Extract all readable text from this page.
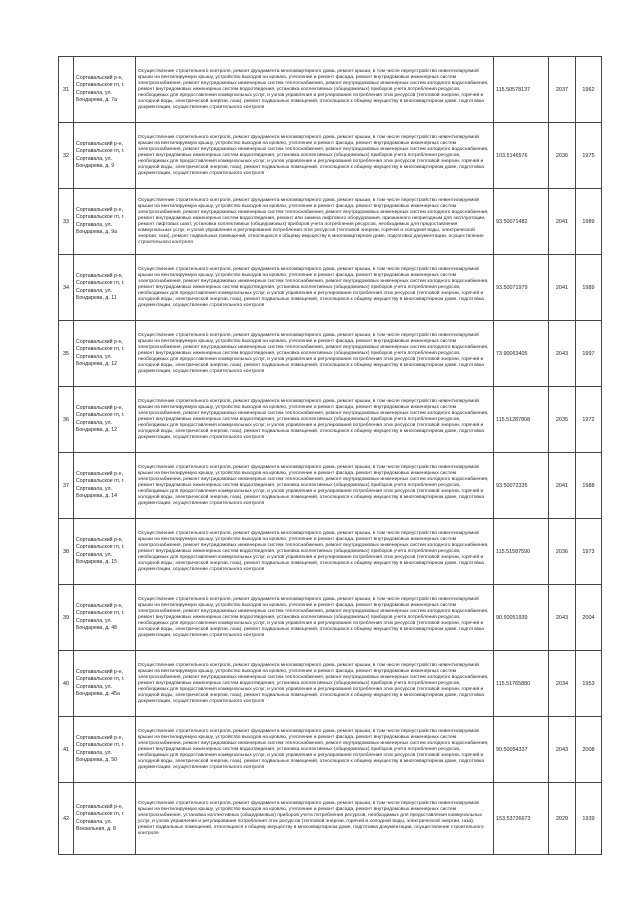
31	Сортавальский р-н, Сортавальское гп, г. Сортавала, ул. Бондарева, д. 7а	Осуществление строительного контроля, ремонт фундамента многоквартирного дома, ремонт крыши, в том числе переустройство невентилируемой крыши на вентилируемую крышу, устройство выходов на кровлю, утепление и ремонт фасада, ремонт внутридомовых инженерных систем электроснабжения, ремонт внутридомовых инженерных систем теплоснабжения, ремонт внутридомовых инженерных систем холодного водоснабжения, ремонт внутридомовых инженерных систем водоотведения, установка коллективных (общедомовых) приборов учета потребления ресурсов, необходимых для предоставления коммунальных услуг, и узлов управления и регулирования потребления этих ресурсов (тепловой энергии, горячей и холодной воды, электрической энергии, газа), ремонт подвальных помещений, относящихся к общему имуществу в многоквартирном доме, подготовка документации, осуществление строительного контроля	115.50578137	2037	1962
32	Сортавальский р-н, Сортавальское гп, г. Сортавала, ул. Бондарева, д. 9	Осуществление строительного контроля, ремонт фундамента многоквартирного дома, ремонт крыши, в том числе переустройство невентилируемой крыши на вентилируемую крышу, устройство выходов на кровлю, утепление и ремонт фасада, ремонт внутридомовых инженерных систем электроснабжения, ремонт внутридомовых инженерных систем теплоснабжения, ремонт внутридомовых инженерных систем холодного водоснабжения, ремонт внутридомовых инженерных систем водоотведения, установка коллективных (общедомовых) приборов учета потребления ресурсов, необходимых для предоставления коммунальных услуг, и узлов управления и регулирования потребления этих ресурсов (тепловой энергии, горячей и холодной воды, электрической энергии, газа), ремонт подвальных помещений, относящихся к общему имуществу в многоквартирном доме, подготовка документации, осуществление строительного контроля	103.5146576	2036	1975
33	Сортавальский р-н, Сортавальское гп, г. Сортавала, ул. Бондарева, д. 9а	Осуществление строительного контроля, ремонт фундамента многоквартирного дома, ремонт крыши, в том числе переустройство невентилируемой крыши на вентилируемую крышу, устройство выходов на кровлю, утепление и ремонт фасада, ремонт внутридомовых инженерных систем электроснабжения, ремонт внутридомовых инженерных систем теплоснабжения, ремонт внутридомовых инженерных систем холодного водоснабжения, ремонт внутридомовых инженерных систем водоотведения, ремонт или замена лифтового оборудования, признанного непригодным для эксплуатации, ремонт лифтовых шахт, установка коллективных (общедомовых) приборов учета потребления ресурсов, необходимых для предоставления коммунальных услуг, и узлов управления и регулирования потребления этих ресурсов (тепловой энергии, горячей и холодной воды, электрической энергии, газа), ремонт подвальных помещений, относящихся к общему имуществу в многоквартирном доме, подготовка документации, осуществление строительного контроля	93.50071482	2041	1989
34	Сортавальский р-н, Сортавальское гп, г. Сортавала, ул. Бондарева, д. 11	Осуществление строительного контроля, ремонт фундамента многоквартирного дома, ремонт крыши, в том числе переустройство невентилируемой крыши на вентилируемую крышу, устройство выходов на кровлю, утепление и ремонт фасада, ремонт внутридомовых инженерных систем электроснабжения, ремонт внутридомовых инженерных систем теплоснабжения, ремонт внутридомовых инженерных систем холодного водоснабжения, ремонт внутридомовых инженерных систем водоотведения, установка коллективных (общедомовых) приборов учета потребления ресурсов, необходимых для предоставления коммунальных услуг, и узлов управления и регулирования потребления этих ресурсов (тепловой энергии, горячей и холодной воды, электрической энергии, газа), ремонт подвальных помещений, относящихся к общему имуществу в многоквартирном доме, подготовка документации, осуществление строительного контроля	93.50071979	2041	1989
35	Сортавальский р-н, Сортавальское гп, г. Сортавала, ул. Бондарева, д. 12	Осуществление строительного контроля, ремонт фундамента многоквартирного дома, ремонт крыши, в том числе переустройство невентилируемой крыши на вентилируемую крышу, устройство выходов на кровлю, утепление и ремонт фасада, ремонт внутридомовых инженерных систем электроснабжения, ремонт внутридомовых инженерных систем теплоснабжения, ремонт внутридомовых инженерных систем холодного водоснабжения, ремонт внутридомовых инженерных систем водоотведения, установка коллективных (общедомовых) приборов учета потребления ресурсов, необходимых для предоставления коммунальных услуг, и узлов управления и регулирования потребления этих ресурсов (тепловой энергии, горячей и холодной воды, электрической энергии, газа), ремонт подвальных помещений, относящихся к общему имуществу в многоквартирном доме, подготовка документации, осуществление строительного контроля	73.90063405	2043	1997
36	Сортавальский р-н, Сортавальское гп, г. Сортавала, ул. Бондарева, д. 12	Осуществление строительного контроля, ремонт фундамента многоквартирного дома, ремонт крыши, в том числе переустройство невентилируемой крыши на вентилируемую крышу, устройство выходов на кровлю, утепление и ремонт фасада, ремонт внутридомовых инженерных систем электроснабжения, ремонт внутридомовых инженерных систем теплоснабжения, ремонт внутридомовых инженерных систем холодного водоснабжения, ремонт внутридомовых инженерных систем водоотведения, установка коллективных (общедомовых) приборов учета потребления ресурсов, необходимых для предоставления коммунальных услуг, и узлов управления и регулирования потребления этих ресурсов (тепловой энергии, горячей и холодной воды, электрической энергии, газа), ремонт подвальных помещений, относящихся к общему имуществу в многоквартирном доме, подготовка документации, осуществление строительного контроля	115.51287808	2035	1972
37	Сортавальский р-н, Сортавальское гп, г. Сортавала, ул. Бондарева, д. 14	Осуществление строительного контроля, ремонт фундамента многоквартирного дома, ремонт крыши, в том числе переустройство невентилируемой крыши на вентилируемую крышу, устройство выходов на кровлю, утепление и ремонт фасада, ремонт внутридомовых инженерных систем электроснабжения, ремонт внутридомовых инженерных систем теплоснабжения, ремонт внутридомовых инженерных систем холодного водоснабжения, ремонт внутридомовых инженерных систем водоотведения, установка коллективных (общедомовых) приборов учета потребления ресурсов, необходимых для предоставления коммунальных услуг, и узлов управления и регулирования потребления этих ресурсов (тепловой энергии, горячей и холодной воды, электрической энергии, газа), ремонт подвальных помещений, относящихся к общему имуществу в многоквартирном доме, подготовка документации, осуществление строительного контроля	93.50072335	2041	1988
38	Сортавальский р-н, Сортавальское гп, г. Сортавала, ул. Бондарева, д. 15	Осуществление строительного контроля, ремонт фундамента многоквартирного дома, ремонт крыши, в том числе переустройство невентилируемой крыши на вентилируемую крышу, устройство выходов на кровлю, утепление и ремонт фасада, ремонт внутридомовых инженерных систем электроснабжения, ремонт внутридомовых инженерных систем теплоснабжения, ремонт внутридомовых инженерных систем холодного водоснабжения, ремонт внутридомовых инженерных систем водоотведения, установка коллективных (общедомовых) приборов учета потребления ресурсов, необходимых для предоставления коммунальных услуг, и узлов управления и регулирования потребления этих ресурсов (тепловой энергии, горячей и холодной воды, электрической энергии, газа), ремонт подвальных помещений, относящихся к общему имуществу в многоквартирном доме, подготовка документации, осуществление строительного контроля	115.51587590	2036	1973
39	Сортавальский р-н, Сортавальское гп, г. Сортавала, ул. Бондарева, д. 48	Осуществление строительного контроля, ремонт фундамента многоквартирного дома, ремонт крыши, в том числе переустройство невентилируемой крыши на вентилируемую крышу, устройство выходов на кровлю, утепление и ремонт фасада, ремонт внутридомовых инженерных систем электроснабжения, ремонт внутридомовых инженерных систем теплоснабжения, ремонт внутридомовых инженерных систем холодного водоснабжения, ремонт внутридомовых инженерных систем водоотведения, установка коллективных (общедомовых) приборов учета потребления ресурсов, необходимых для предоставления коммунальных услуг, и узлов управления и регулирования потребления этих ресурсов (тепловой энергии, горячей и холодной воды, электрической энергии, газа), ремонт подвальных помещений, относящихся к общему имуществу в многоквартирном доме, подготовка документации, осуществление строительного контроля	90.50051939	2043	2004
40	Сортавальский р-н, Сортавальское гп, г. Сортавала, ул. Бондарева, д. 45а	Осуществление строительного контроля, ремонт фундамента многоквартирного дома, ремонт крыши, в том числе переустройство невентилируемой крыши на вентилируемую крышу, устройство выходов на кровлю, утепление и ремонт фасада, ремонт внутридомовых инженерных систем электроснабжения, ремонт внутридомовых инженерных систем теплоснабжения, ремонт внутридомовых инженерных систем холодного водоснабжения, ремонт внутридомовых инженерных систем водоотведения, установка коллективных (общедомовых) приборов учета потребления ресурсов, необходимых для предоставления коммунальных услуг, и узлов управления и регулирования потребления этих ресурсов (тепловой энергии, горячей и холодной воды, электрической энергии, газа), ремонт подвальных помещений, относящихся к общему имуществу в многоквартирном доме, подготовка документации, осуществление строительного контроля	115.51765880	2034	1953
41	Сортавальский р-н, Сортавальское гп, г. Сортавала, ул. Бондарева, д. 50	Осуществление строительного контроля, ремонт фундамента многоквартирного дома, ремонт крыши, в том числе переустройство невентилируемой крыши на вентилируемую крышу, устройство выходов на кровлю, утепление и ремонт фасада, ремонт внутридомовых инженерных систем электроснабжения, ремонт внутридомовых инженерных систем теплоснабжения, ремонт внутридомовых инженерных систем холодного водоснабжения, ремонт внутридомовых инженерных систем водоотведения, установка коллективных (общедомовых) приборов учета потребления ресурсов, необходимых для предоставления коммунальных услуг, и узлов управления и регулирования потребления этих ресурсов (тепловой энергии, горячей и холодной воды, электрической энергии, газа), ремонт подвальных помещений, относящихся к общему имуществу в многоквартирном доме, подготовка документации, осуществление строительного контроля	90.50054337	2043	2008
42	Сортавальский р-н, Сортавальское гп, г. Сортавала, ул. Вокзальная, д. 8	Осуществление строительного контроля, ремонт фундамента многоквартирного дома, ремонт крыши, в том числе переустройство невентилируемой крыши на вентилируемую крышу, устройство выходов на кровлю, утепление и ремонт фасада, ремонт внутридомовых инженерных систем электроснабжения, установка коллективных (общедомовых) приборов учета потребления ресурсов, необходимых для предоставления коммунальных услуг, и узлов управления и регулирования потребления этих ресурсов (тепловой энергии, горячей и холодной воды, электрической энергии, газа), ремонт подвальных помещений, относящихся к общему имуществу в многоквартирном доме, подготовка документации, осуществление строительного контроля	153.53726673	2029	1939
